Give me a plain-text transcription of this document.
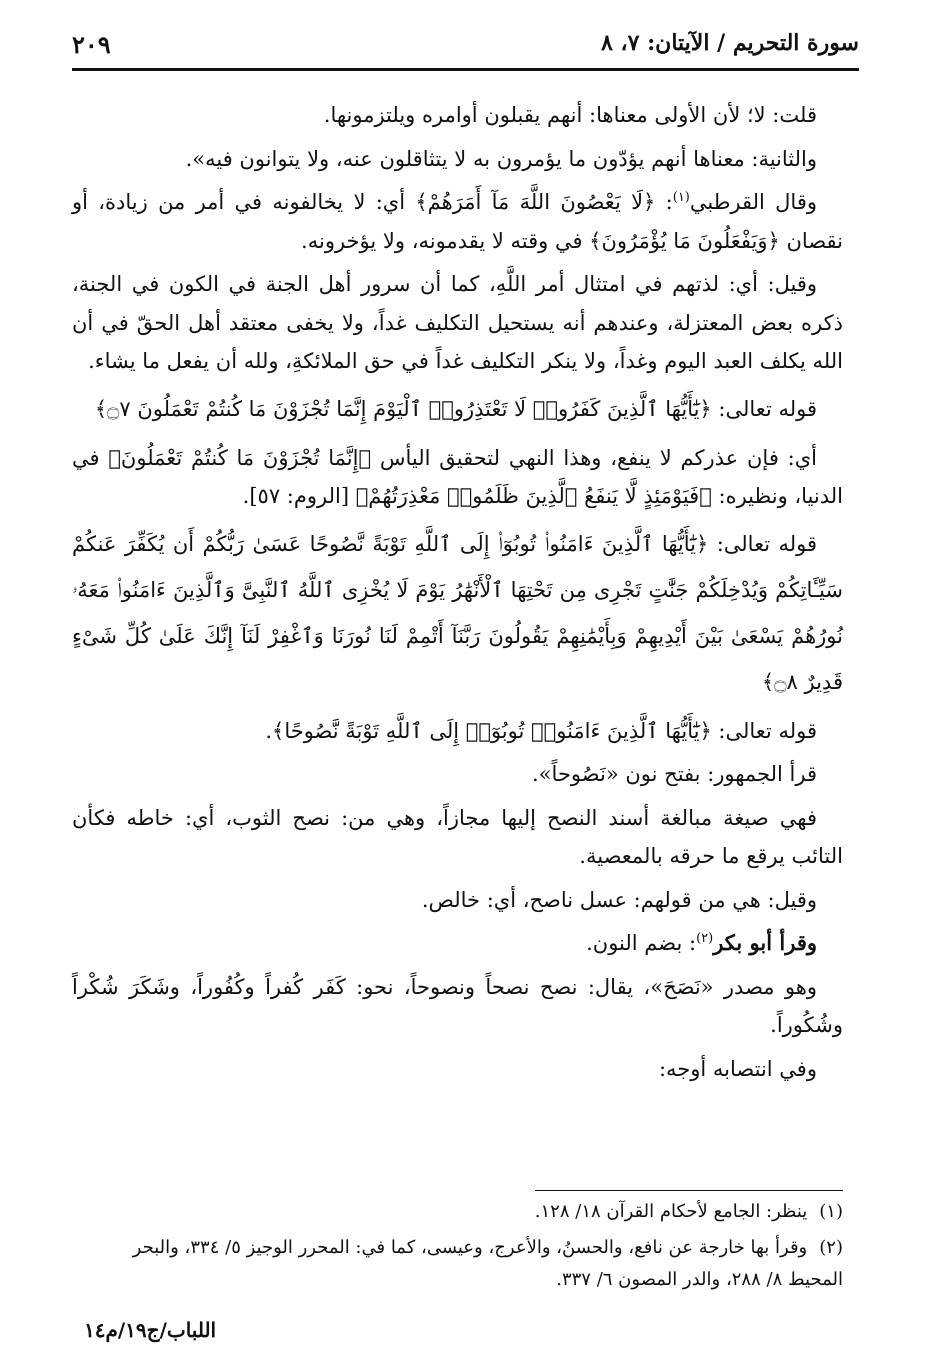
سورة التحريم / الآيتان: ٧، ٨
٢٠٩

قلت: لا؛ لأن الأولى معناها: أنهم يقبلون أوامره ويلتزمونها.

والثانية: معناها أنهم يؤدّون ما يؤمرون به لا يتثاقلون عنه، ولا يتوانون فيه».

وقال القرطبي$^{(١)}$: ﴿لَا يَعْصُونَ اللَّهَ مَآ أَمَرَهُمْ﴾ أي: لا يخالفونه في أمر من زيادة، أو نقصان ﴿وَيَفْعَلُونَ مَا يُؤْمَرُونَ﴾ في وقته لا يقدمونه، ولا يؤخرونه.

وقيل: أي: لذتهم في امتثال أمر اللَّهِ، كما أن سرور أهل الجنة في الكون في الجنة، ذكره بعض المعتزلة، وعندهم أنه يستحيل التكليف غداً، ولا يخفى معتقد أهل الحقّ في أن الله يكلف العبد اليوم وغداً، ولا ينكر التكليف غداً في حق الملائكةِ، ولله أن يفعل ما يشاء.

قوله تعالى: ﴿يَٰٓأَيُّهَا ٱلَّذِينَ كَفَرُوا۟ لَا تَعْتَذِرُوا۟ ٱلْيَوْمَ إِنَّمَا تُجْزَوْنَ مَا كُنتُمْ تَعْمَلُونَ ۝٧﴾

أي: فإن عذركم لا ينفع، وهذا النهي لتحقيق اليأس ﴿إِنَّمَا تُجْزَوْنَ مَا كُنتُمْ تَعْمَلُونَ﴾ في الدنيا، ونظيره: ﴿فَيَوْمَئِذٍ لَّا يَنفَعُ ٱلَّذِينَ ظَلَمُوا۟ مَعْذِرَتُهُمْ﴾ [الروم: ٥٧].

قوله تعالى: ﴿يَٰٓأَيُّهَا ٱلَّذِينَ ءَامَنُوا۟ تُوبُوٓا۟ إِلَى ٱللَّهِ تَوْبَةً نَّصُوحًا عَسَىٰ رَبُّكُمْ أَن يُكَفِّرَ عَنكُمْ سَيِّـَٔاتِكُمْ وَيُدْخِلَكُمْ جَنَّٰتٍ تَجْرِى مِن تَحْتِهَا ٱلْأَنْهَٰرُ يَوْمَ لَا يُخْزِى ٱللَّهُ ٱلنَّبِىَّ وَٱلَّذِينَ ءَامَنُوا۟ مَعَهُۥ نُورُهُمْ يَسْعَىٰ بَيْنَ أَيْدِيهِمْ وَبِأَيْمَٰنِهِمْ يَقُولُونَ رَبَّنَآ أَتْمِمْ لَنَا نُورَنَا وَٱغْفِرْ لَنَآ إِنَّكَ عَلَىٰ كُلِّ شَىْءٍ قَدِيرٌ ۝٨﴾

قوله تعالى: ﴿يَٰٓأَيُّهَا ٱلَّذِينَ ءَامَنُوا۟ تُوبُوٓا۟ إِلَى ٱللَّهِ تَوْبَةً نَّصُوحًا﴾.

قرأ الجمهور: بفتح نون «نَصُوحاً».

فهي صيغة مبالغة أسند النصح إليها مجازاً، وهي من: نصح الثوب، أي: خاطه فكأن التائب يرقع ما حرقه بالمعصية.

وقيل: هي من قولهم: عسل ناصح، أي: خالص.

وقرأ أبو بكر$^{(٢)}$: بضم النون.

وهو مصدر «نَصَحَ»، يقال: نصح نصحاً ونصوحاً، نحو: كَفَر كُفراً وكُفُوراً، وشَكَرَ شُكْراً وشُكُوراً.

وفي انتصابه أوجه:

(١) ينظر: الجامع لأحكام القرآن ١٨/ ١٢٨.

(٢) وقرأ بها خارجة عن نافع، والحسنُ، والأعرج، وعيسى، كما في: المحرر الوجيز ٥/ ٣٣٤، والبحر المحيط ٨/ ٢٨٨، والدر المصون ٦/ ٣٣٧.

اللباب/ج١٩/م١٤
